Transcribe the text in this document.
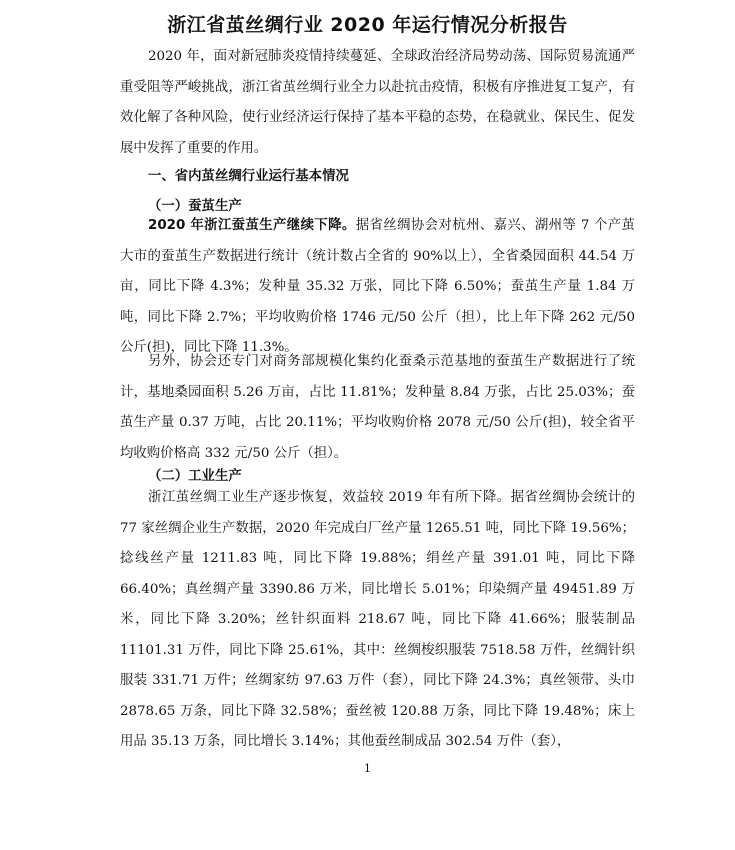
浙江省茧丝绸行业 2020 年运行情况分析报告

2020 年，面对新冠肺炎疫情持续蔓延、全球政治经济局势动荡、国际贸易流通严重受阻等严峻挑战，浙江省茧丝绸行业全力以赴抗击疫情，积极有序推进复工复产，有效化解了各种风险，使行业经济运行保持了基本平稳的态势，在稳就业、保民生、促发展中发挥了重要的作用。

一、省内茧丝绸行业运行基本情况
（一）蚕茧生产

2020 年浙江蚕茧生产继续下降。据省丝绸协会对杭州、嘉兴、湖州等 7 个产茧大市的蚕茧生产数据进行统计（统计数占全省的 90%以上），全省桑园面积 44.54 万亩，同比下降 4.3%；发种量 35.32 万张，同比下降 6.50%；蚕茧生产量 1.84 万吨，同比下降 2.7%；平均收购价格 1746 元/50 公斤（担），比上年下降 262 元/50 公斤(担)，同比下降 11.3%。

另外，协会还专门对商务部规模化集约化蚕桑示范基地的蚕茧生产数据进行了统计，基地桑园面积 5.26 万亩，占比 11.81%；发种量 8.84 万张，占比 25.03%；蚕茧生产量 0.37 万吨，占比 20.11%；平均收购价格 2078 元/50 公斤(担)，较全省平均收购价格高 332 元/50 公斤（担）。

（二）工业生产

浙江茧丝绸工业生产逐步恢复，效益较 2019 年有所下降。据省丝绸协会统计的 77 家丝绸企业生产数据，2020 年完成白厂丝产量 1265.51 吨，同比下降 19.56%；捻线丝产量 1211.83 吨，同比下降 19.88%；绢丝产量 391.01 吨，同比下降 66.40%；真丝绸产量 3390.86 万米，同比增长 5.01%；印染绸产量 49451.89 万米，同比下降 3.20%；丝针织面料 218.67 吨，同比下降 41.66%；服装制品 11101.31 万件，同比下降 25.61%，其中：丝绸梭织服装 7518.58 万件，丝绸针织服装 331.71 万件；丝绸家纺 97.63 万件（套），同比下降 24.3%；真丝领带、头巾 2878.65 万条，同比下降 32.58%；蚕丝被 120.88 万条，同比下降 19.48%；床上用品 35.13 万条，同比增长 3.14%；其他蚕丝制成品 302.54 万件（套），

1
